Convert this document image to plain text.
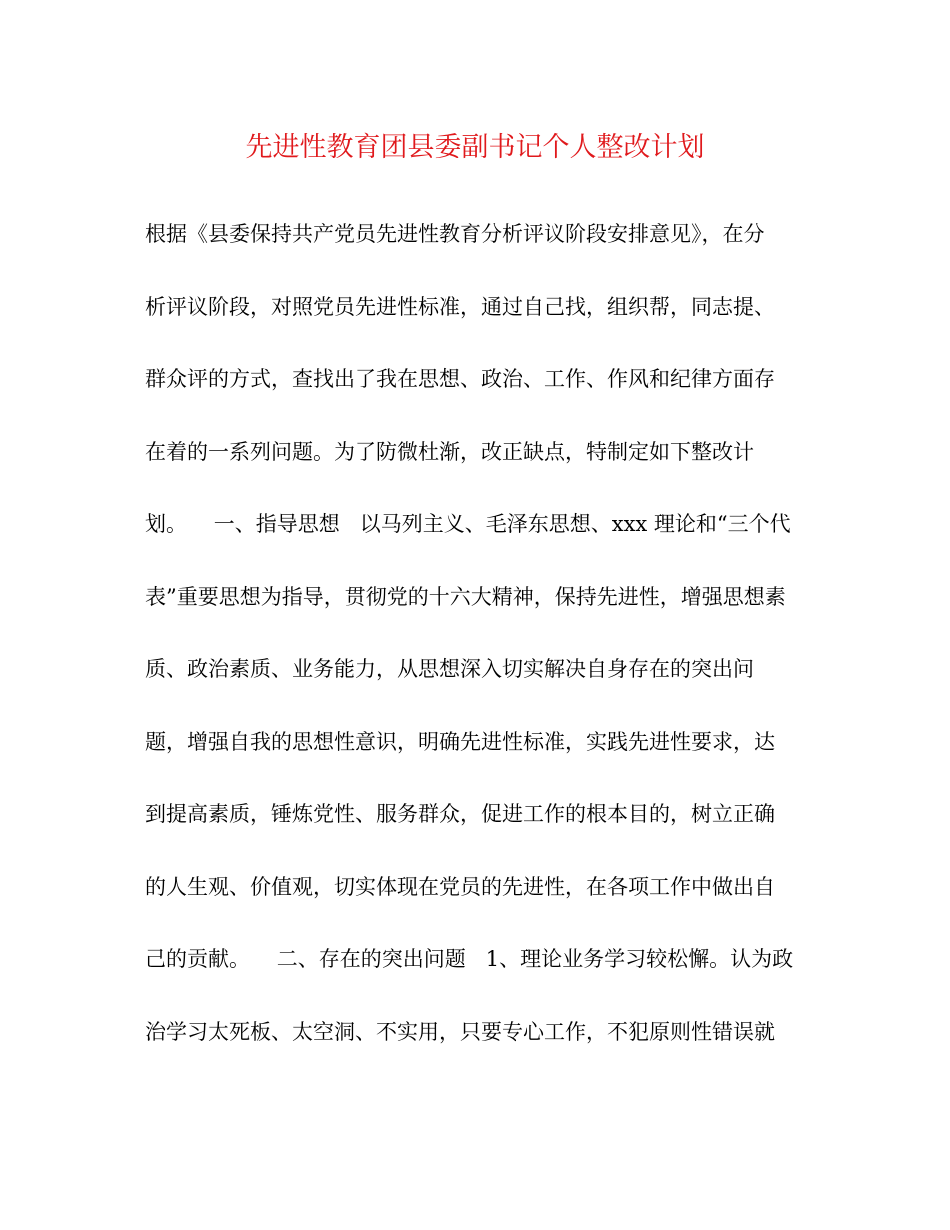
先进性教育团县委副书记个人整改计划
根据《县委保持共产党员先进性教育分析评议阶段安排意见》，在分
析评议阶段，对照党员先进性标准，通过自己找，组织帮，同志提、
群众评的方式，查找出了我在思想、政治、工作、作风和纪律方面存
在着的一系列问题。为了防微杜渐，改正缺点，特制定如下整改计
划。    一、指导思想   以马列主义、毛泽东思想、xxx 理论和“三个代
表”重要思想为指导，贯彻党的十六大精神，保持先进性，增强思想素
质、政治素质、业务能力，从思想深入切实解决自身存在的突出问
题，增强自我的思想性意识，明确先进性标准，实践先进性要求，达
到提高素质，锤炼党性、服务群众，促进工作的根本目的，树立正确
的人生观、价值观，切实体现在党员的先进性，在各项工作中做出自
己的贡献。    二、存在的突出问题   1、理论业务学习较松懈。认为政
治学习太死板、太空洞、不实用，只要专心工作，不犯原则性错误就
